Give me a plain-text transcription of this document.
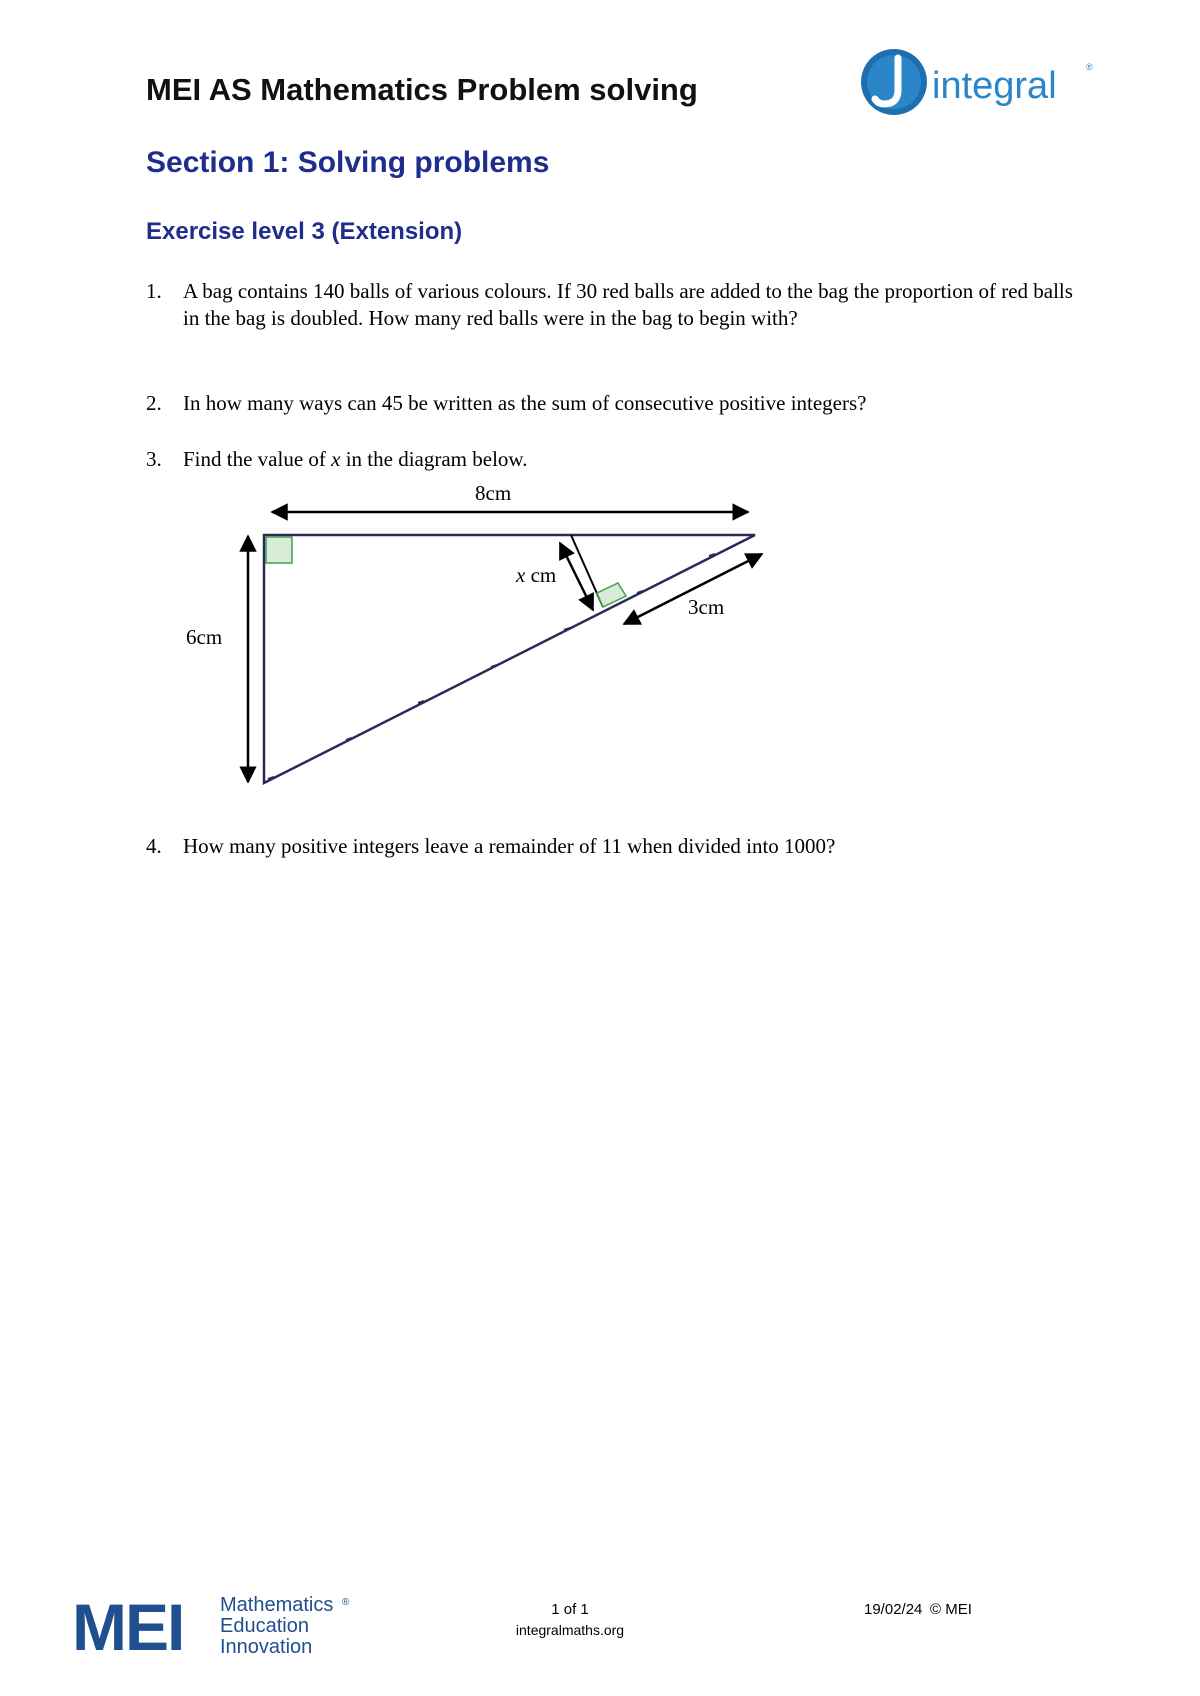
MEI AS Mathematics Problem solving	integral	®
Section 1: Solving problems
Exercise level 3 (Extension)
1. A bag contains 140 balls of various colours. If 30 red balls are added to the bag the proportion of red balls in the bag is doubled. How many red balls were in the bag to begin with?
2. In how many ways can 45 be written as the sum of consecutive positive integers?
3. Find the value of x in the diagram below.
8cm
6cm
x cm
3cm
4. How many positive integers leave a remainder of 11 when divided into 1000?
MEI Mathematics ®
Education
Innovation
1 of 1
integralmaths.org
19/02/24 © MEI
